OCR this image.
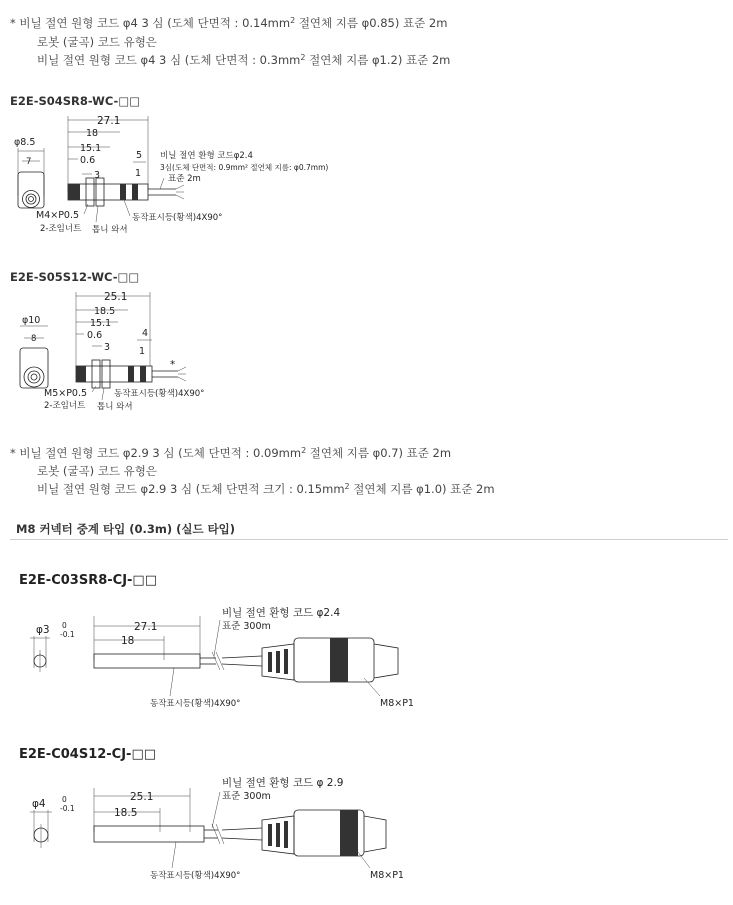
* 비닐 절연 원형 코드 φ4 3 심 (도체 단면적 : $0.14mm^2$ 절연체 지름 φ0.85) 표준 2m
로봇 (굴곡) 코드 유형은
비닐 절연 원형 코드 φ4 3 심 (도체 단면적 : $0.3mm^2$ 절연체 지름 φ1.2) 표준 2m
E2E-S04SR8-WC-□□
φ8.5
7
27.1
18
15.1
0.6
3
5
1
비닐 절연 환형 코드φ2.4
3심(도체 단면적: 0.9mm² 절연체 지름: φ0.7mm)
표준 2m
M4×P0.5
2-조임너트 톱니 와셔
동작표시등(황색)4X90°
E2E-S05S12-WC-□□
φ10
8
25.1
18.5
15.1
0.6
3
4
1
*
M5×P0.5
2-조임너트 톱니 와셔
동작표시등(황색)4X90°
* 비닐 절연 원형 코드 φ2.9 3 심 (도체 단면적 : $0.09mm^2$ 절연체 지름 φ0.7) 표준 2m
로봇 (굴곡) 코드 유형은
비닐 절연 원형 코드 φ2.9 3 심 (도체 단면적 크기 : $0.15mm^2$ 절연체 지름 φ1.0) 표준 2m
M8 커넥터 중계 타입 (0.3m) (실드 타입)
E2E-C03SR8-CJ-□□
φ3 0
-0.1
27.1
18
비닐 절연 환형 코드 φ2.4
표준 300m
동작표시등(황색)4X90°	M8×P1
E2E-C04S12-CJ-□□
φ4 0
-0.1
25.1
18.5
비닐 절연 환형 코드 φ 2.9
표준 300m
동작표시등(황색)4X90°	M8×P1
